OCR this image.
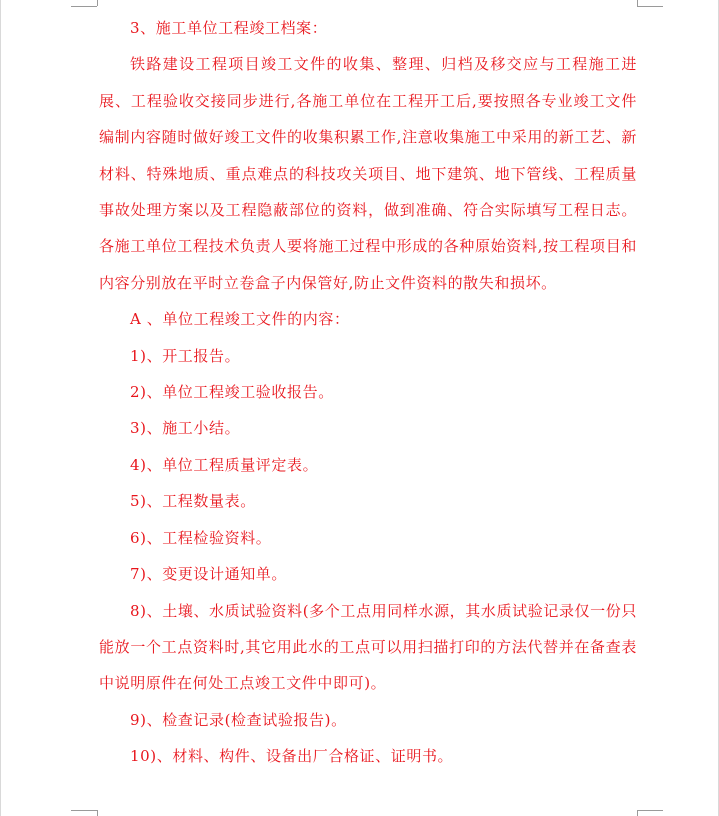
3、施工单位工程竣工档案：

铁路建设工程项目竣工文件的收集、整理、归档及移交应与工程施工进展、工程验收交接同步进行,各施工单位在工程开工后,要按照各专业竣工文件编制内容随时做好竣工文件的收集积累工作,注意收集施工中采用的新工艺、新材料、特殊地质、重点难点的科技攻关项目、地下建筑、地下管线、工程质量事故处理方案以及工程隐蔽部位的资料，做到准确、符合实际填写工程日志。各施工单位工程技术负责人要将施工过程中形成的各种原始资料,按工程项目和内容分别放在平时立卷盒子内保管好,防止文件资料的散失和损坏。

A 、单位工程竣工文件的内容：

1)、开工报告。

2)、单位工程竣工验收报告。

3)、施工小结。

4)、单位工程质量评定表。

5)、工程数量表。

6)、工程检验资料。

7)、变更设计通知单。

8)、土壤、水质试验资料(多个工点用同样水源，其水质试验记录仅一份只能放一个工点资料时,其它用此水的工点可以用扫描打印的方法代替并在备查表中说明原件在何处工点竣工文件中即可)。

9)、检查记录(检查试验报告)。

10)、材料、构件、设备出厂合格证、证明书。
